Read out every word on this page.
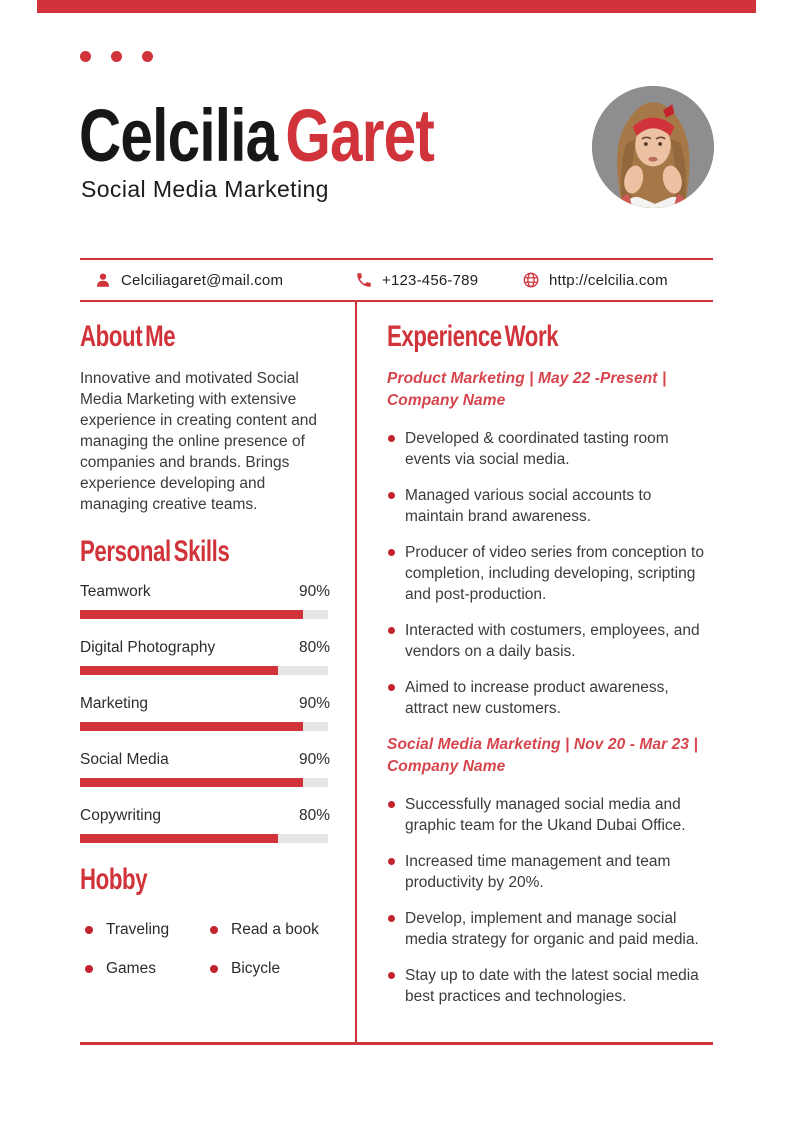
Celcilia Garet

Social Media Marketing

Celciliagaret@mail.com	+123-456-789	http://celcilia.com
About Me

Innovative and motivated Social Media Marketing with extensive experience in creating content and managing the online presence of companies and brands. Brings experience developing and managing creative teams.

Personal Skills
Teamwork	90%
Digital Photography	80%
Marketing	90%
Social Media	90%
Copywriting	80%
Hobby
Traveling	Read a book
Games	Bicycle
Experience Work

Product Marketing | May 22 -Present | Company Name

Developed & coordinated tasting room events via social media.
Managed various social accounts to maintain brand awareness.
Producer of video series from conception to completion, including developing, scripting and post-production.
Interacted with costumers, employees, and vendors on a daily basis.
Aimed to increase product awareness, attract new customers.

Social Media Marketing | Nov 20 - Mar 23 | Company Name

Successfully managed social media and graphic team for the Ukand Dubai Office.
Increased time management and team productivity by 20%.
Develop, implement and manage social media strategy for organic and paid media.
Stay up to date with the latest social media best practices and technologies.
